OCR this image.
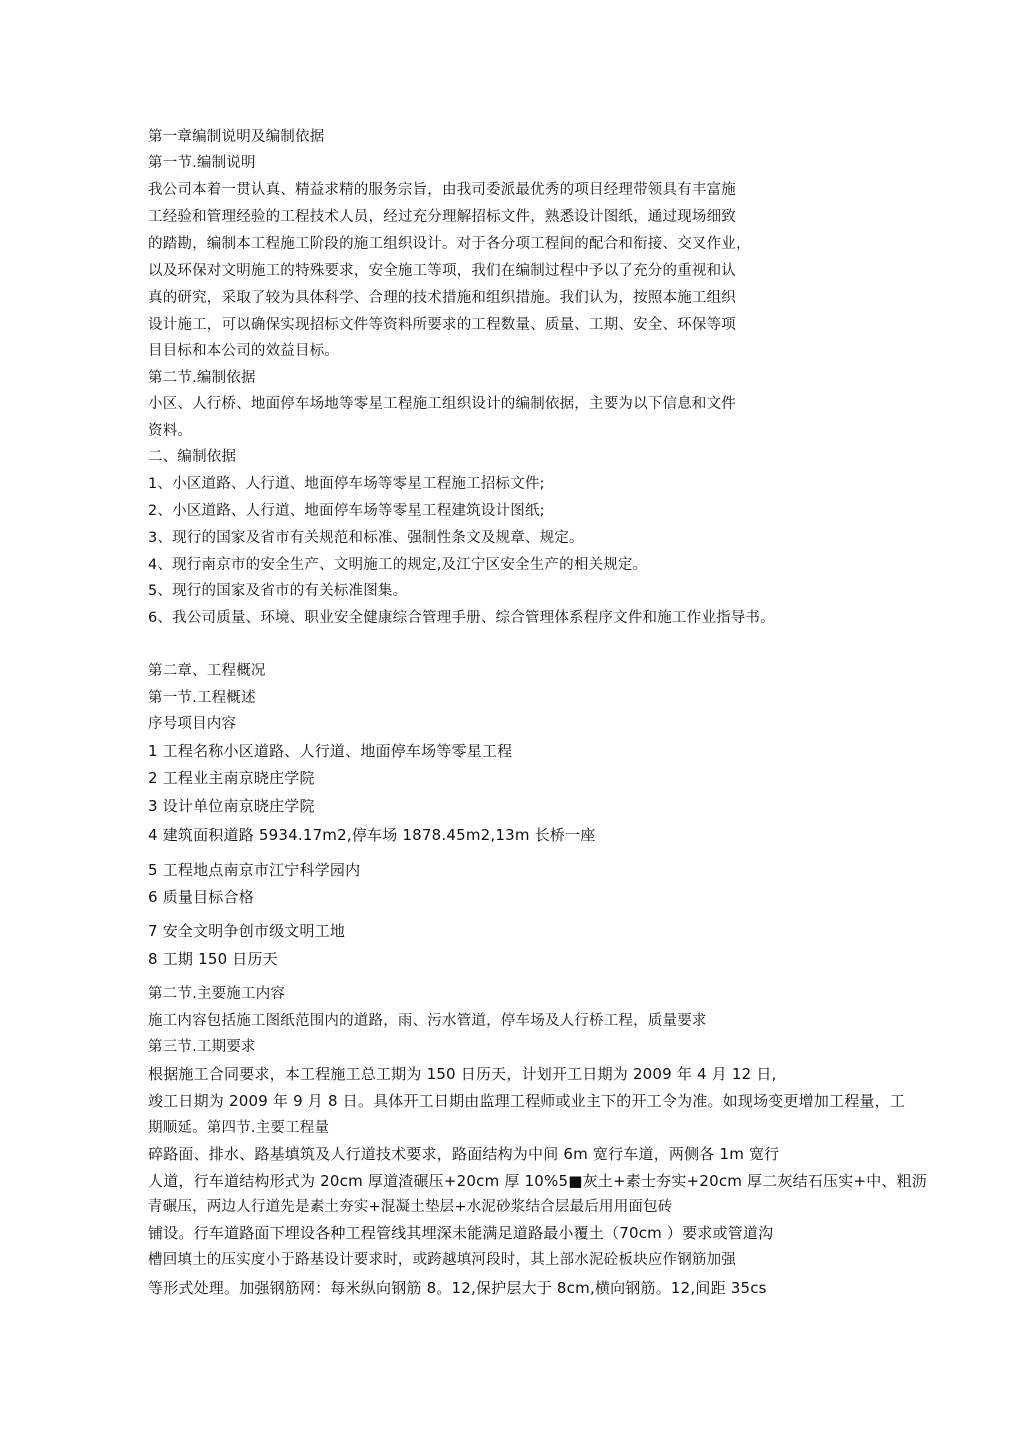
第一章编制说明及编制依据
第一节.编制说明
我公司本着一贯认真、精益求精的服务宗旨，由我司委派最优秀的项目经理带领具有丰富施
工经验和管理经验的工程技术人员，经过充分理解招标文件，熟悉设计图纸，通过现场细致
的踏勘，编制本工程施工阶段的施工组织设计。对于各分项工程间的配合和衔接、交叉作业，
以及环保对文明施工的特殊要求，安全施工等项，我们在编制过程中予以了充分的重视和认
真的研究，采取了较为具体科学、合理的技术措施和组织措施。我们认为，按照本施工组织
设计施工，可以确保实现招标文件等资料所要求的工程数量、质量、工期、安全、环保等项
目目标和本公司的效益目标。
第二节.编制依据
小区、人行桥、地面停车场地等零星工程施工组织设计的编制依据，主要为以下信息和文件
资料。
二、编制依据
1、小区道路、人行道、地面停车场等零星工程施工招标文件;
2、小区道路、人行道、地面停车场等零星工程建筑设计图纸;
3、现行的国家及省市有关规范和标准、强制性条文及规章、规定。
4、现行南京市的安全生产、文明施工的规定,及江宁区安全生产的相关规定。
5、现行的国家及省市的有关标准图集。
6、我公司质量、环境、职业安全健康综合管理手册、综合管理体系程序文件和施工作业指导书。
第二章、工程概况
第一节.工程概述
序号项目内容
1 工程名称小区道路、人行道、地面停车场等零星工程
2 工程业主南京晓庄学院
3 设计单位南京晓庄学院
4 建筑面积道路 5934.17m2,停车场 1878.45m2,13m 长桥一座
5 工程地点南京市江宁科学园内
6 质量目标合格
7 安全文明争创市级文明工地
8 工期 150 日历天
第二节.主要施工内容
施工内容包括施工图纸范围内的道路，雨、污水管道，停车场及人行桥工程，质量要求
第三节.工期要求
根据施工合同要求，本工程施工总工期为 150 日历天，计划开工日期为 2009 年 4 月 12 日,
竣工日期为 2009 年 9 月 8 日。具体开工日期由监理工程师或业主下的开工令为准。如现场变更增加工程量，工
期顺延。第四节.主要工程量
碎路面、排水、路基填筑及人行道技术要求，路面结构为中间 6m 宽行车道，两侧各 1m 宽行
人道，行车道结构形式为 20cm 厚道渣碾压+20cm 厚 10%5■灰土+素士夯实+20cm 厚二灰结石压实+中、粗沥
青碾压，两边人行道先是素土夯实+混凝土垫层+水泥砂浆结合层最后用用面包砖
铺设。行车道路面下埋设各种工程管线其埋深未能满足道路最小覆土（70cm ）要求或管道沟
槽回填土的压实度小于路基设计要求时，或跨越填河段时，其上部水泥砼板块应作钢筋加强
等形式处理。加强钢筋网：每米纵向钢筋 8。12,保护层大于 8cm,横向钢筋。12,间距 35cs
